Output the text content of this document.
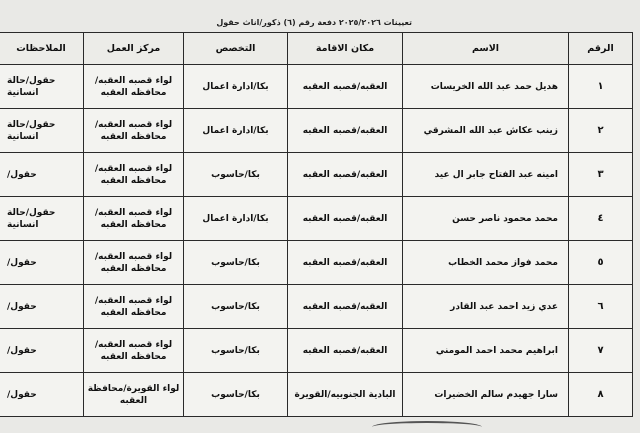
تعيينات ٢٠٢٥/٢٠٢٦ دفعة رقم (٦) ذكور/اناث حقول
الرقم	الاسم	مكان الاقامة	التخصص	مركز العمل	الملاحظات
١	هديل حمد عبد الله الخريسات	العقبه/قصبه العقبه	بكا/ادارة اعمال	لواء قصبه العقبه/محافظه العقبه	حقول/حالة انسانية
٢	زينب عكاش عبد الله المشرقي	العقبه/قصبه العقبه	بكا/ادارة اعمال	لواء قصبه العقبه/محافظه العقبه	حقول/حالة انسانية
٣	امينه عبد الفتاح جابر ال عيد	العقبه/قصبه العقبه	بكا/حاسوب	لواء قصبه العقبه/محافظه العقبه	حقول/
٤	محمد محمود ناصر حسن	العقبه/قصبه العقبه	بكا/ادارة اعمال	لواء قصبه العقبه/محافظه العقبه	حقول/حالة انسانية
٥	محمد فواز محمد الخطاب	العقبه/قصبه العقبه	بكا/حاسوب	لواء قصبه العقبه/محافظه العقبه	حقول/
٦	عدي زيد احمد عبد القادر	العقبه/قصبه العقبه	بكا/حاسوب	لواء قصبه العقبه/محافظه العقبه	حقول/
٧	ابراهيم محمد احمد المومني	العقبه/قصبه العقبه	بكا/حاسوب	لواء قصبه العقبه/محافظه العقبه	حقول/
٨	سارا جهيدم سالم الخضيرات	البادية الجنوبيه/القويرة	بكا/حاسوب	لواء القويرة/محافظة العقبه	حقول/
